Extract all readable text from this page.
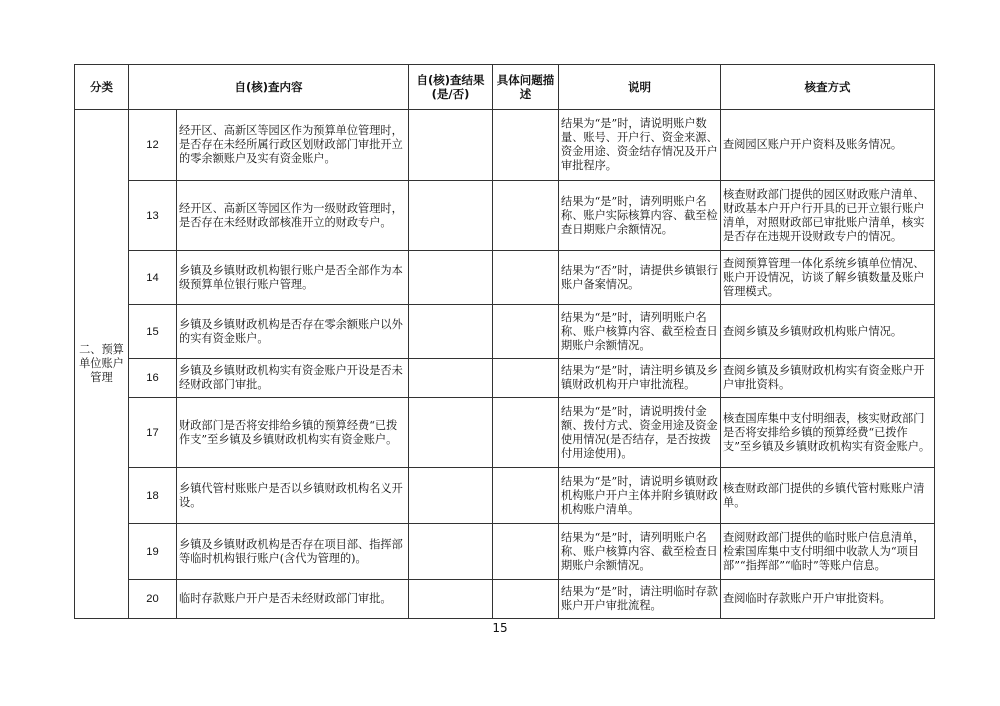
分类	自(核)查内容		自(核)查结果(是/否)	具体问题描述	说明	核查方式
二、预算单位账户管理	12	经开区、高新区等园区作为预算单位管理时，是否存在未经所属行政区划财政部门审批开立的零余额账户及实有资金账户。			结果为“是”时，请说明账户数量、账号、开户行、资金来源、资金用途、资金结存情况及开户审批程序。	查阅园区账户开户资料及账务情况。
	13	经开区、高新区等园区作为一级财政管理时，是否存在未经财政部核准开立的财政专户。			结果为“是”时，请列明账户名称、账户实际核算内容、截至检查日期账户余额情况。	核查财政部门提供的园区财政账户清单、财政基本户开户行开具的已开立银行账户清单，对照财政部已审批账户清单，核实是否存在违规开设财政专户的情况。
	14	乡镇及乡镇财政机构银行账户是否全部作为本级预算单位银行账户管理。			结果为“否”时，请提供乡镇银行账户备案情况。	查阅预算管理一体化系统乡镇单位情况、账户开设情况，访谈了解乡镇数量及账户管理模式。
	15	乡镇及乡镇财政机构是否存在零余额账户以外的实有资金账户。			结果为“是”时，请列明账户名称、账户核算内容、截至检查日期账户余额情况。	查阅乡镇及乡镇财政机构账户情况。
	16	乡镇及乡镇财政机构实有资金账户开设是否未经财政部门审批。			结果为“是”时，请注明乡镇及乡镇财政机构开户审批流程。	查阅乡镇及乡镇财政机构实有资金账户开户审批资料。
	17	财政部门是否将安排给乡镇的预算经费“已拨作支”至乡镇及乡镇财政机构实有资金账户。			结果为“是”时，请说明拨付金额、拨付方式、资金用途及资金使用情况(是否结存，是否按拨付用途使用)。	核查国库集中支付明细表，核实财政部门是否将安排给乡镇的预算经费“已拨作支”至乡镇及乡镇财政机构实有资金账户。
	18	乡镇代管村账账户是否以乡镇财政机构名义开设。			结果为“是”时，请说明乡镇财政机构账户开户主体并附乡镇财政机构账户清单。	核查财政部门提供的乡镇代管村账账户清单。
	19	乡镇及乡镇财政机构是否存在项目部、指挥部等临时机构银行账户(含代为管理的)。			结果为“是”时，请列明账户名称、账户核算内容、截至检查日期账户余额情况。	查阅财政部门提供的临时账户信息清单，检索国库集中支付明细中收款人为“项目部”“指挥部”“临时”等账户信息。
	20	临时存款账户开户是否未经财政部门审批。			结果为“是”时，请注明临时存款账户开户审批流程。	查阅临时存款账户开户审批资料。
15
